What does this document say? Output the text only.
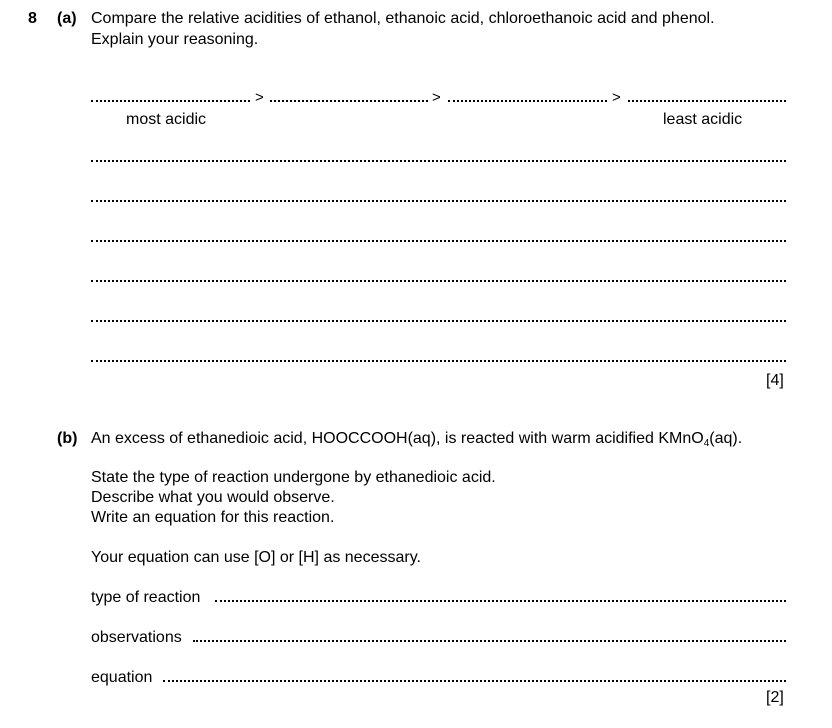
8 (a) Compare the relative acidities of ethanol, ethanoic acid, chloroethanoic acid and phenol.
Explain your reasoning.
>	>	>
most acidic	least acidic
[4]
(b) An excess of ethanedioic acid, HOOCCOOH(aq), is reacted with warm acidified KMnO$_4$(aq).
State the type of reaction undergone by ethanedioic acid.
Describe what you would observe.
Write an equation for this reaction.
Your equation can use [O] or [H] as necessary.
type of reaction
observations
equation
[2]
